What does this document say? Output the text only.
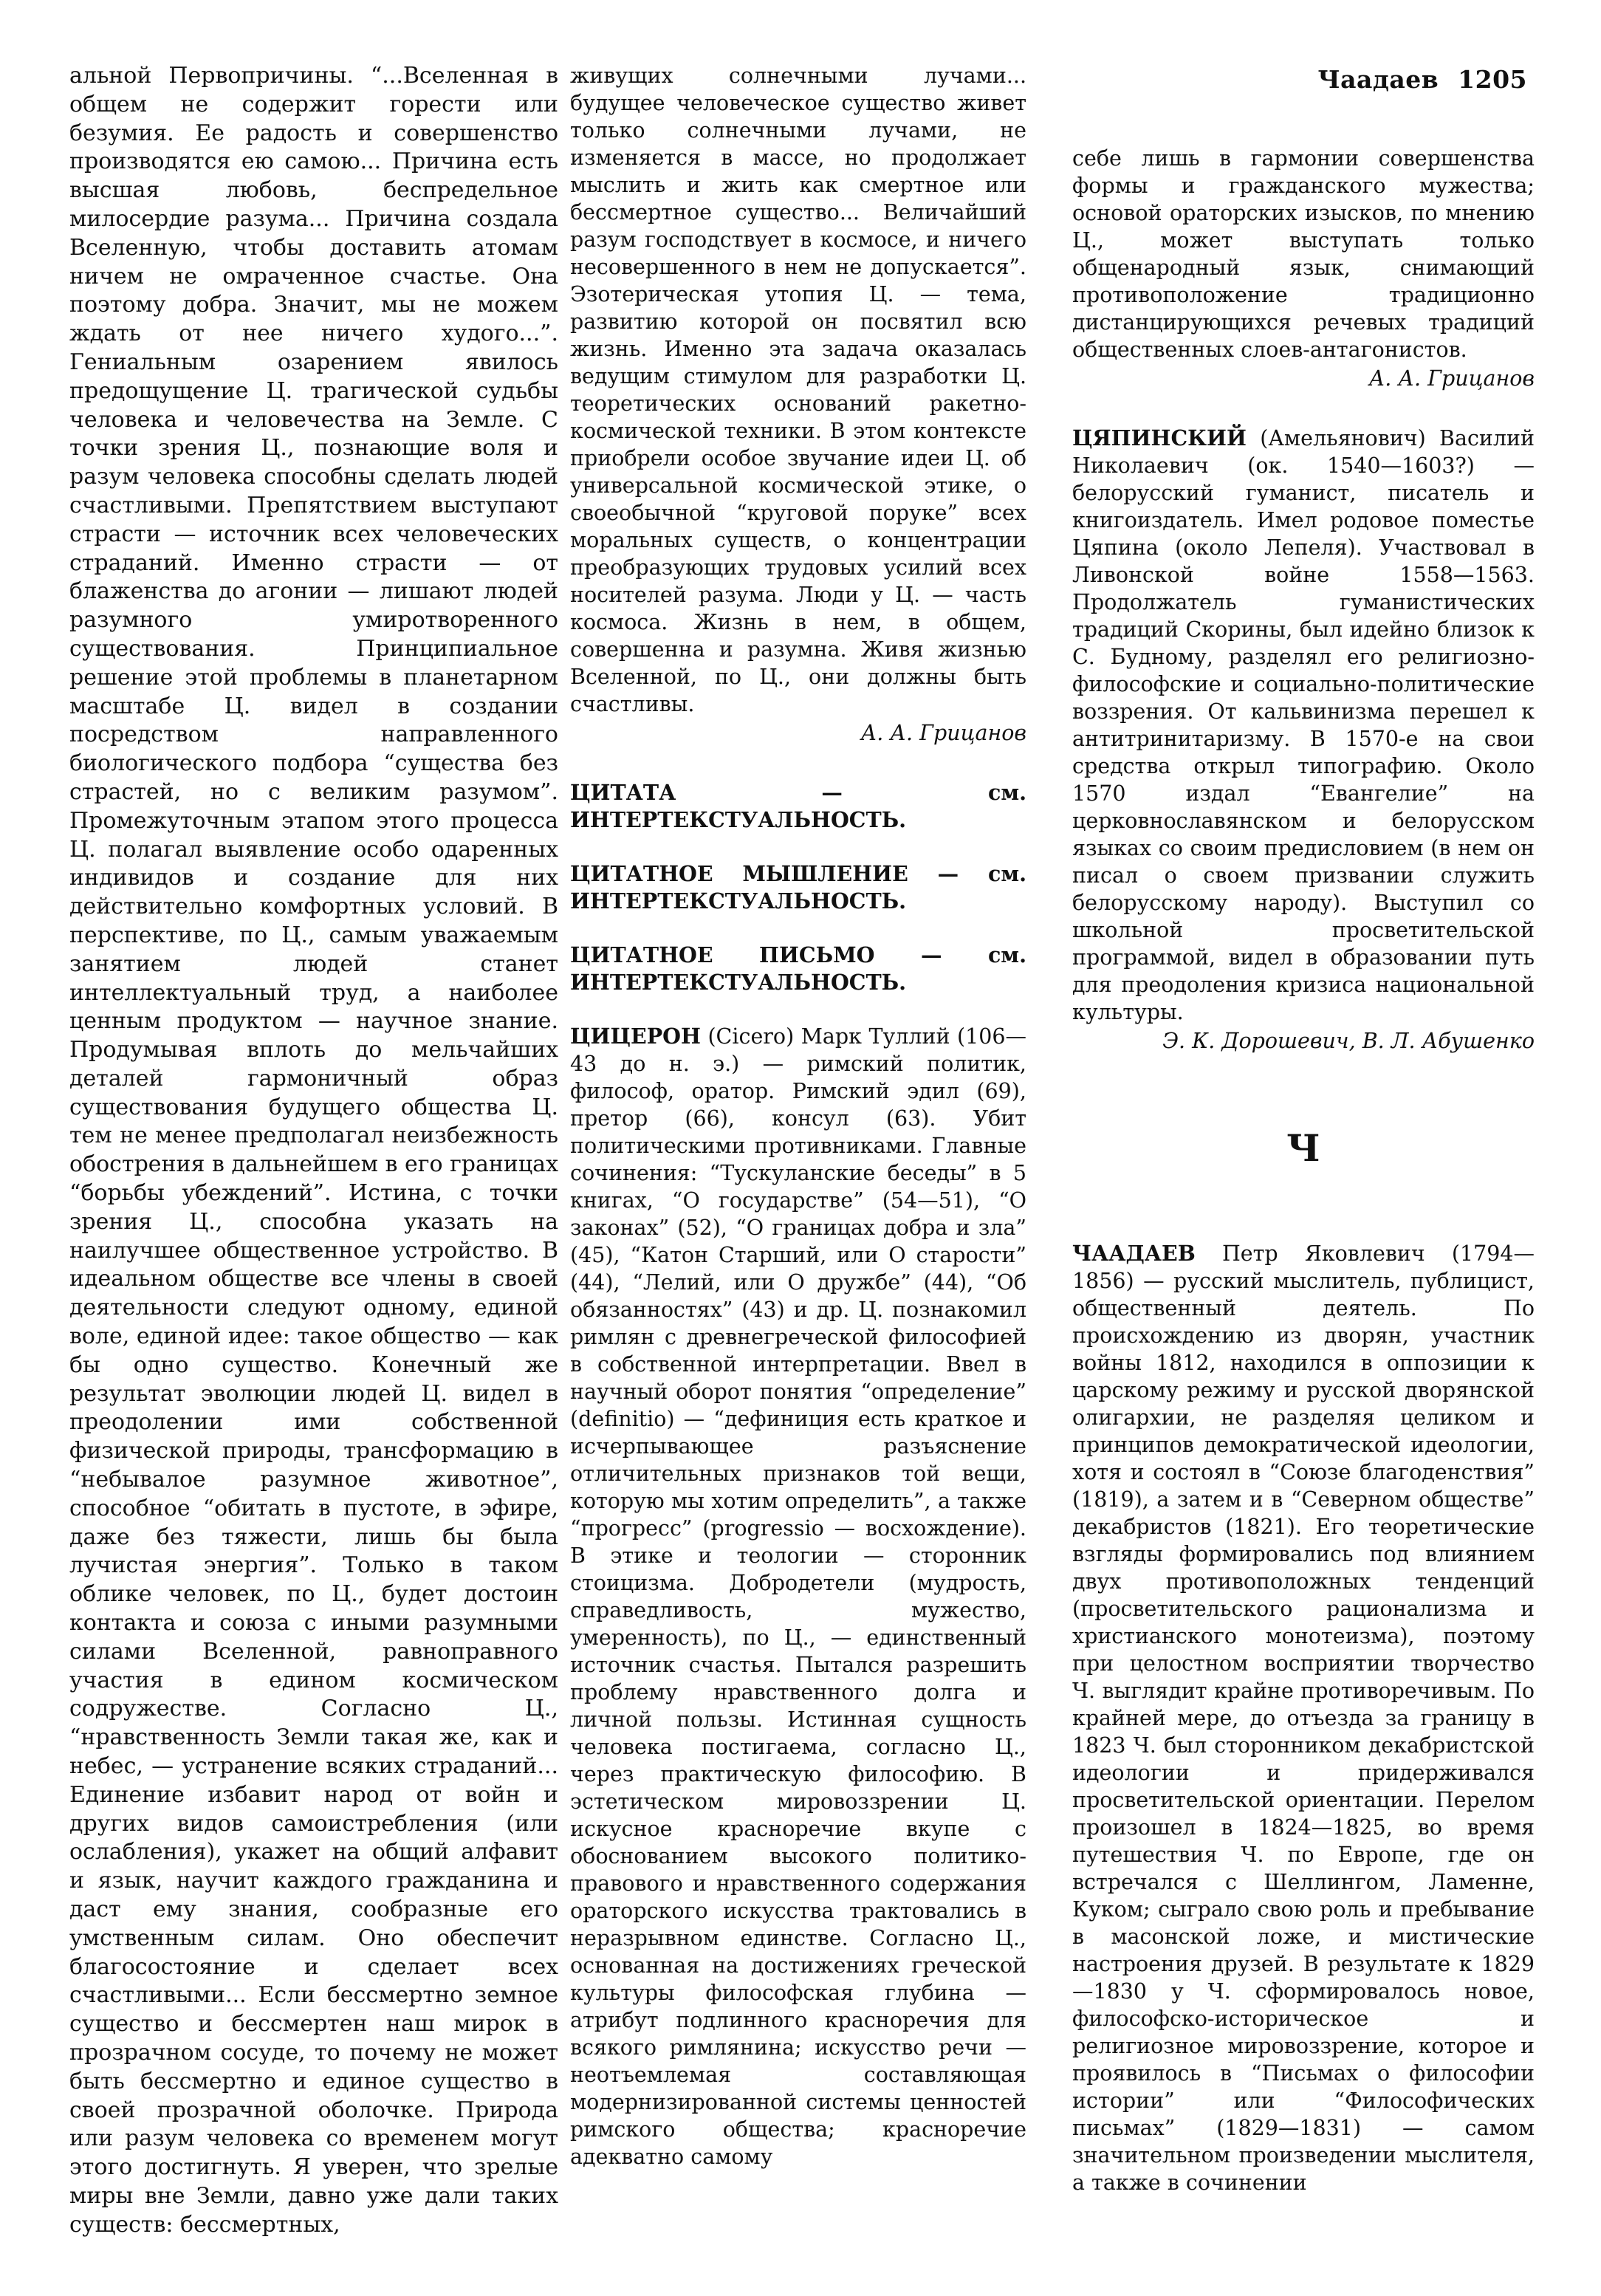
Чаадаев 1205

альной Первопричины. “...Вселенная в общем не содержит горести или безумия. Ее радость и совершенство производятся ею самою... Причина есть высшая любовь, беспредельное милосердие разума... Причина создала Вселенную, чтобы доставить атомам ничем не омраченное счастье. Она поэтому добра. Значит, мы не можем ждать от нее ничего худого...”. Гениальным озарением явилось предощущение Ц. трагической судьбы человека и человечества на Земле. С точки зрения Ц., познающие воля и разум человека способны сделать людей счастливыми. Препятствием выступают страсти — источник всех человеческих страданий. Именно страсти — от блаженства до агонии — лишают людей разумного умиротворенного существования. Принципиальное решение этой проблемы в планетарном масштабе Ц. видел в создании посредством направленного биологического подбора “существа без страстей, но с великим разумом”. Промежуточным этапом этого процесса Ц. полагал выявление особо одаренных индивидов и создание для них действительно комфортных условий. В перспективе, по Ц., самым уважаемым занятием людей станет интеллектуальный труд, а наиболее ценным продуктом — научное знание. Продумывая вплоть до мельчайших деталей гармоничный образ существования будущего общества Ц. тем не менее предполагал неизбежность обострения в дальнейшем в его границах “борьбы убеждений”. Истина, с точки зрения Ц., способна указать на наилучшее общественное устройство. В идеальном обществе все члены в своей деятельности следуют одному, единой воле, единой идее: такое общество — как бы одно существо. Конечный же результат эволюции людей Ц. видел в преодолении ими собственной физической природы, трансформацию в “небывалое разумное животное”, способное “обитать в пустоте, в эфире, даже без тяжести, лишь бы была лучистая энергия”. Только в таком облике человек, по Ц., будет достоин контакта и союза с иными разумными силами Вселенной, равноправного участия в едином космическом содружестве. Согласно Ц., “нравственность Земли такая же, как и небес, — устранение всяких страданий... Единение избавит народ от войн и других видов самоистребления (или ослабления), укажет на общий алфавит и язык, научит каждого гражданина и даст ему знания, сообразные его умственным силам. Оно обеспечит благосостояние и сделает всех счастливыми... Если бессмертно земное существо и бессмертен наш мирок в прозрачном сосуде, то почему не может быть бессмертно и единое существо в своей прозрачной оболочке. Природа или разум человека со временем могут этого достигнуть. Я уверен, что зрелые миры вне Земли, давно уже дали таких существ: бессмертных,

живущих солнечными лучами... будущее человеческое существо живет только солнечными лучами, не изменяется в массе, но продолжает мыслить и жить как смертное или бессмертное существо... Величайший разум господствует в космосе, и ничего несовершенного в нем не допускается”. Эзотерическая утопия Ц. — тема, развитию которой он посвятил всю жизнь. Именно эта задача оказалась ведущим стимулом для разработки Ц. теоретических оснований ракетно-космической техники. В этом контексте приобрели особое звучание идеи Ц. об универсальной космической этике, о своеобычной “круговой поруке” всех моральных существ, о концентрации преобразующих трудовых усилий всех носителей разума. Люди у Ц. — часть космоса. Жизнь в нем, в общем, совершенна и разумна. Живя жизнью Вселенной, по Ц., они должны быть счастливы.

А. А. Грицанов

ЦИТАТА — см. ИНТЕРТЕКСТУАЛЬНОСТЬ.

ЦИТАТНОЕ МЫШЛЕНИЕ — см. ИНТЕРТЕКСТУАЛЬНОСТЬ.

ЦИТАТНОЕ ПИСЬМО — см. ИНТЕРТЕКСТУАЛЬНОСТЬ.

ЦИЦЕРОН (Cicero) Марк Туллий (106—43 до н. э.) — римский политик, философ, оратор. Римский эдил (69), претор (66), консул (63). Убит политическими противниками. Главные сочинения: “Тускуланские беседы” в 5 книгах, “О государстве” (54—51), “О законах” (52), “О границах добра и зла” (45), “Катон Старший, или О старости” (44), “Лелий, или О дружбе” (44), “Об обязанностях” (43) и др. Ц. познакомил римлян с древнегреческой философией в собственной интерпретации. Ввел в научный оборот понятия “определение” (definitio) — “дефиниция есть краткое и исчерпывающее разъяснение отличительных признаков той вещи, которую мы хотим определить”, а также “прогресс” (progressio — восхождение). В этике и теологии — сторонник стоицизма. Добродетели (мудрость, справедливость, мужество, умеренность), по Ц., — единственный источник счастья. Пытался разрешить проблему нравственного долга и личной пользы. Истинная сущность человека постигаема, согласно Ц., через практическую философию. В эстетическом мировоззрении Ц. искусное красноречие вкупе с обоснованием высокого политико-правового и нравственного содержания ораторского искусства трактовались в неразрывном единстве. Согласно Ц., основанная на достижениях греческой культуры философская глубина — атрибут подлинного красноречия для всякого римлянина; искусство речи — неотъемлемая составляющая модернизированной системы ценностей римского общества; красноречие адекватно самому

себе лишь в гармонии совершенства формы и гражданского мужества; основой ораторских изысков, по мнению Ц., может выступать только общенародный язык, снимающий противоположение традиционно дистанцирующихся речевых традиций общественных слоев-антагонистов.

А. А. Грицанов

ЦЯПИНСКИЙ (Амельянович) Василий Николаевич (ок. 1540—1603?) — белорусский гуманист, писатель и книгоиздатель. Имел родовое поместье Цяпина (около Лепеля). Участвовал в Ливонской войне 1558—1563. Продолжатель гуманистических традиций Скорины, был идейно близок к С. Будному, разделял его религиозно-философские и социально-политические воззрения. От кальвинизма перешел к антитринитаризму. В 1570-е на свои средства открыл типографию. Около 1570 издал “Евангелие” на церковнославянском и белорусском языках со своим предисловием (в нем он писал о своем призвании служить белорусскому народу). Выступил со школьной просветительской программой, видел в образовании путь для преодоления кризиса национальной культуры.

Э. К. Дорошевич, В. Л. Абушенко

Ч

ЧААДАЕВ Петр Яковлевич (1794—1856) — русский мыслитель, публицист, общественный деятель. По происхождению из дворян, участник войны 1812, находился в оппозиции к царскому режиму и русской дворянской олигархии, не разделяя целиком и принципов демократической идеологии, хотя и состоял в “Союзе благоденствия” (1819), а затем и в “Северном обществе” декабристов (1821). Его теоретические взгляды формировались под влиянием двух противоположных тенденций (просветительского рационализма и христианского монотеизма), поэтому при целостном восприятии творчество Ч. выглядит крайне противоречивым. По крайней мере, до отъезда за границу в 1823 Ч. был сторонником декабристской идеологии и придерживался просветительской ориентации. Перелом произошел в 1824—1825, во время путешествия Ч. по Европе, где он встречался с Шеллингом, Ламенне, Куком; сыграло свою роль и пребывание в масонской ложе, и мистические настроения друзей. В результате к 1829—1830 у Ч. сформировалось новое, философско-историческое и религиозное мировоззрение, которое и проявилось в “Письмах о философии истории” или “Философических письмах” (1829—1831) — самом значительном произведении мыслителя, а также в сочинении
